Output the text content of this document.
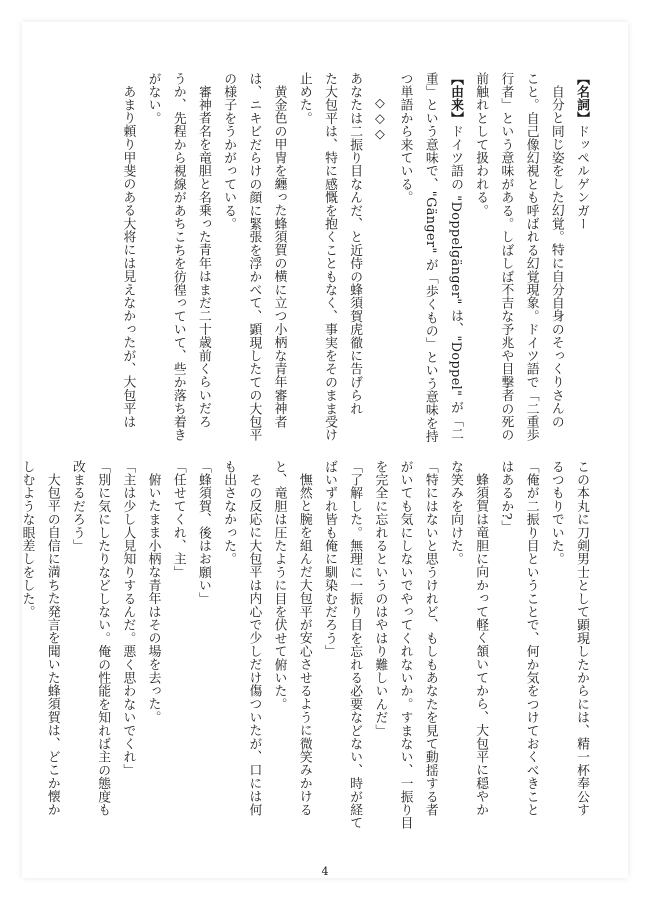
【名詞】ドッペルゲンガー

自分と同じ姿をした幻覚。特に自分自身のそっくりさんの

こと。自己像幻視とも呼ばれる幻覚現象。ドイツ語で「二重歩

行者」という意味がある。しばしば不吉な予兆や目撃者の死の

前触れとして扱われる。

【由来】ドイツ語の "Doppelgänger" は、"Doppel" が「二

重」という意味で、"Gänger" が「歩くもの」という意味を持

つ単語から来ている。

◇◇◇

あなたは二振り目なんだ、と近侍の蜂須賀虎徹に告げられ

た大包平は、特に感慨を抱くこともなく、事実をそのまま受け

止めた。

黄金色の甲冑を纏った蜂須賀の横に立つ小柄な青年審神者

は、ニキビだらけの顔に緊張を浮かべて、顕現したての大包平

の様子をうかがっている。

審神者名を竜胆と名乗った青年はまだ二十歳前くらいだろ

うか、先程から視線があちこちを彷徨っていて、些か落ち着き

がない。

あまり頼り甲斐のある大将には見えなかったが、大包平は

この本丸に刀剣男士として顕現したからには、精一杯奉公す

るつもりでいた。

「俺が二振り目ということで、何か気をつけておくべきこと

はあるか?」

蜂須賀は竜胆に向かって軽く頷いてから、大包平に穏やか

な笑みを向けた。

「特にはないと思うけれど、もしもあなたを見て動揺する者

がいても気にしないでやってくれないか。すまない、一振り目

を完全に忘れるというのはやはり難しいんだ」

「了解した。無理に一振り目を忘れる必要などない、時が経て

ばいずれ皆も俺に馴染むだろう」

憮然と腕を組んだ大包平が安心させるように微笑みかける

と、竜胆は圧たように目を伏せて俯いた。

その反応に大包平は内心で少しだけ傷ついたが、口には何

も出さなかった。

「蜂須賀、後はお願い」

「任せてくれ、主」

俯いたまま小柄な青年はその場を去った。

「主は少し人見知りするんだ。悪く思わないでくれ」

「別に気にしたりなどしない。俺の性能を知れば主の態度も

改まるだろう」

大包平の自信に満ちた発言を聞いた蜂須賀は、どこか懐か

しむような眼差しをした。

4
